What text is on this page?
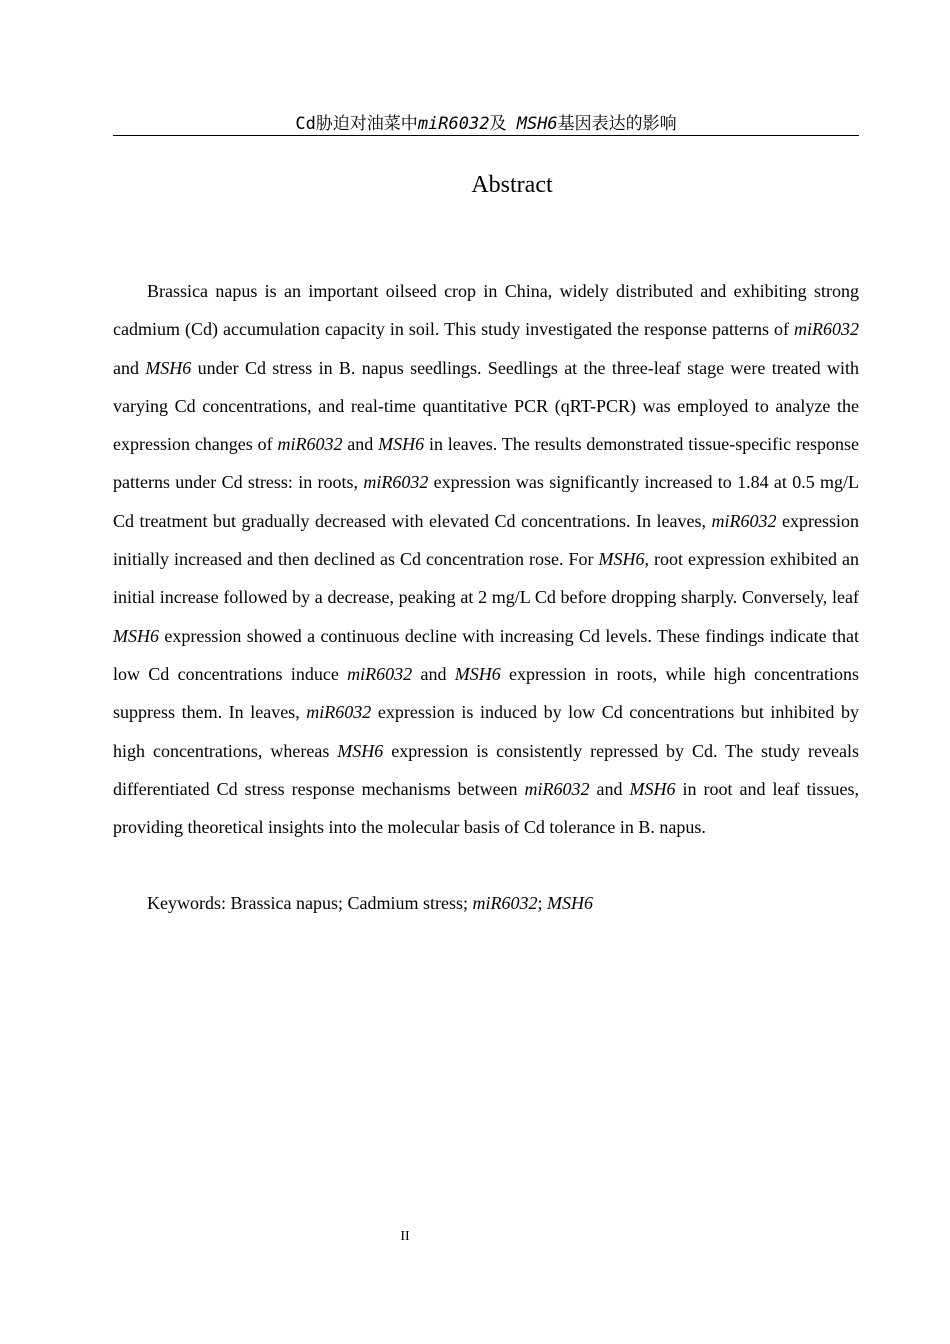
Cd胁迫对油菜中miR6032及 MSH6基因表达的影响
Abstract

Brassica napus is an important oilseed crop in China, widely distributed and exhibiting strong cadmium (Cd) accumulation capacity in soil. This study investigated the response patterns of miR6032 and MSH6 under Cd stress in B. napus seedlings. Seedlings at the three-leaf stage were treated with varying Cd concentrations, and real-time quantitative PCR (qRT-PCR) was employed to analyze the expression changes of miR6032 and MSH6 in leaves. The results demonstrated tissue-specific response patterns under Cd stress: in roots, miR6032 expression was significantly increased to 1.84 at 0.5 mg/L Cd treatment but gradually decreased with elevated Cd concentrations. In leaves, miR6032 expression initially increased and then declined as Cd concentration rose. For MSH6, root expression exhibited an initial increase followed by a decrease, peaking at 2 mg/L Cd before dropping sharply. Conversely, leaf MSH6 expression showed a continuous decline with increasing Cd levels. These findings indicate that low Cd concentrations induce miR6032 and MSH6 expression in roots, while high concentrations suppress them. In leaves, miR6032 expression is induced by low Cd concentrations but inhibited by high concentrations, whereas MSH6 expression is consistently repressed by Cd. The study reveals differentiated Cd stress response mechanisms between miR6032 and MSH6 in root and leaf tissues, providing theoretical insights into the molecular basis of Cd tolerance in B. napus.

Keywords: Brassica napus; Cadmium stress; miR6032; MSH6

II
